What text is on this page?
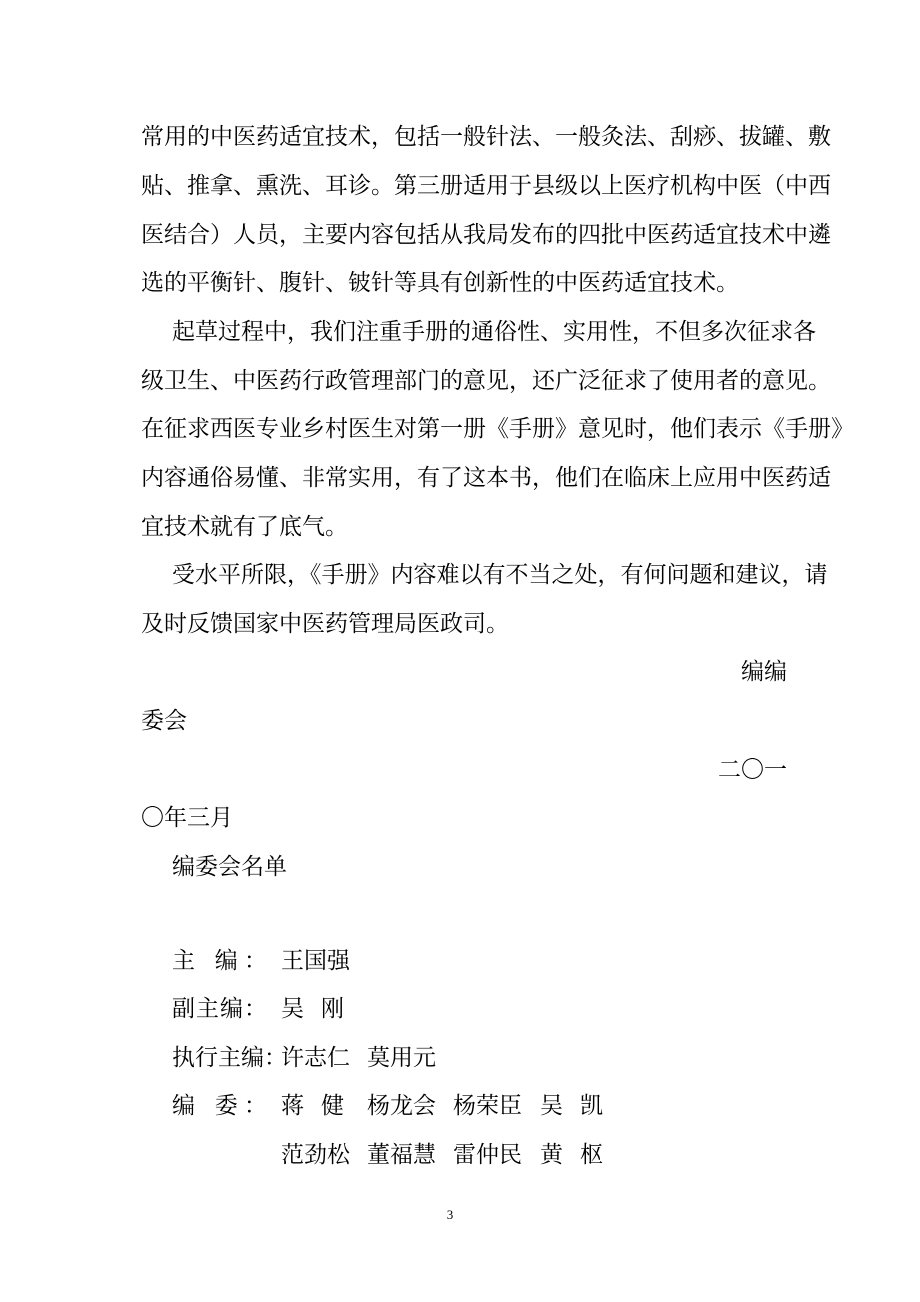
常用的中医药适宜技术，包括一般针法、一般灸法、刮痧、拔罐、敷
贴、推拿、熏洗、耳诊。第三册适用于县级以上医疗机构中医（中西
医结合）人员，主要内容包括从我局发布的四批中医药适宜技术中遴
选的平衡针、腹针、铍针等具有创新性的中医药适宜技术。
起草过程中，我们注重手册的通俗性、实用性，不但多次征求各
级卫生、中医药行政管理部门的意见，还广泛征求了使用者的意见。
在征求西医专业乡村医生对第一册《手册》意见时，他们表示《手册》
内容通俗易懂、非常实用，有了这本书，他们在临床上应用中医药适
宜技术就有了底气。
受水平所限，《手册》内容难以有不当之处，有何问题和建议，请
及时反馈国家中医药管理局医政司。
编编
委会
二〇一
〇年三月
编委会名单
主 编： 王国强
副主编： 吴 刚
执行主编：
许志仁 莫用元
编 委： 蒋 健 杨龙会 杨荣臣 吴 凯
范劲松 董福慧 雷仲民 黄 枢
3
